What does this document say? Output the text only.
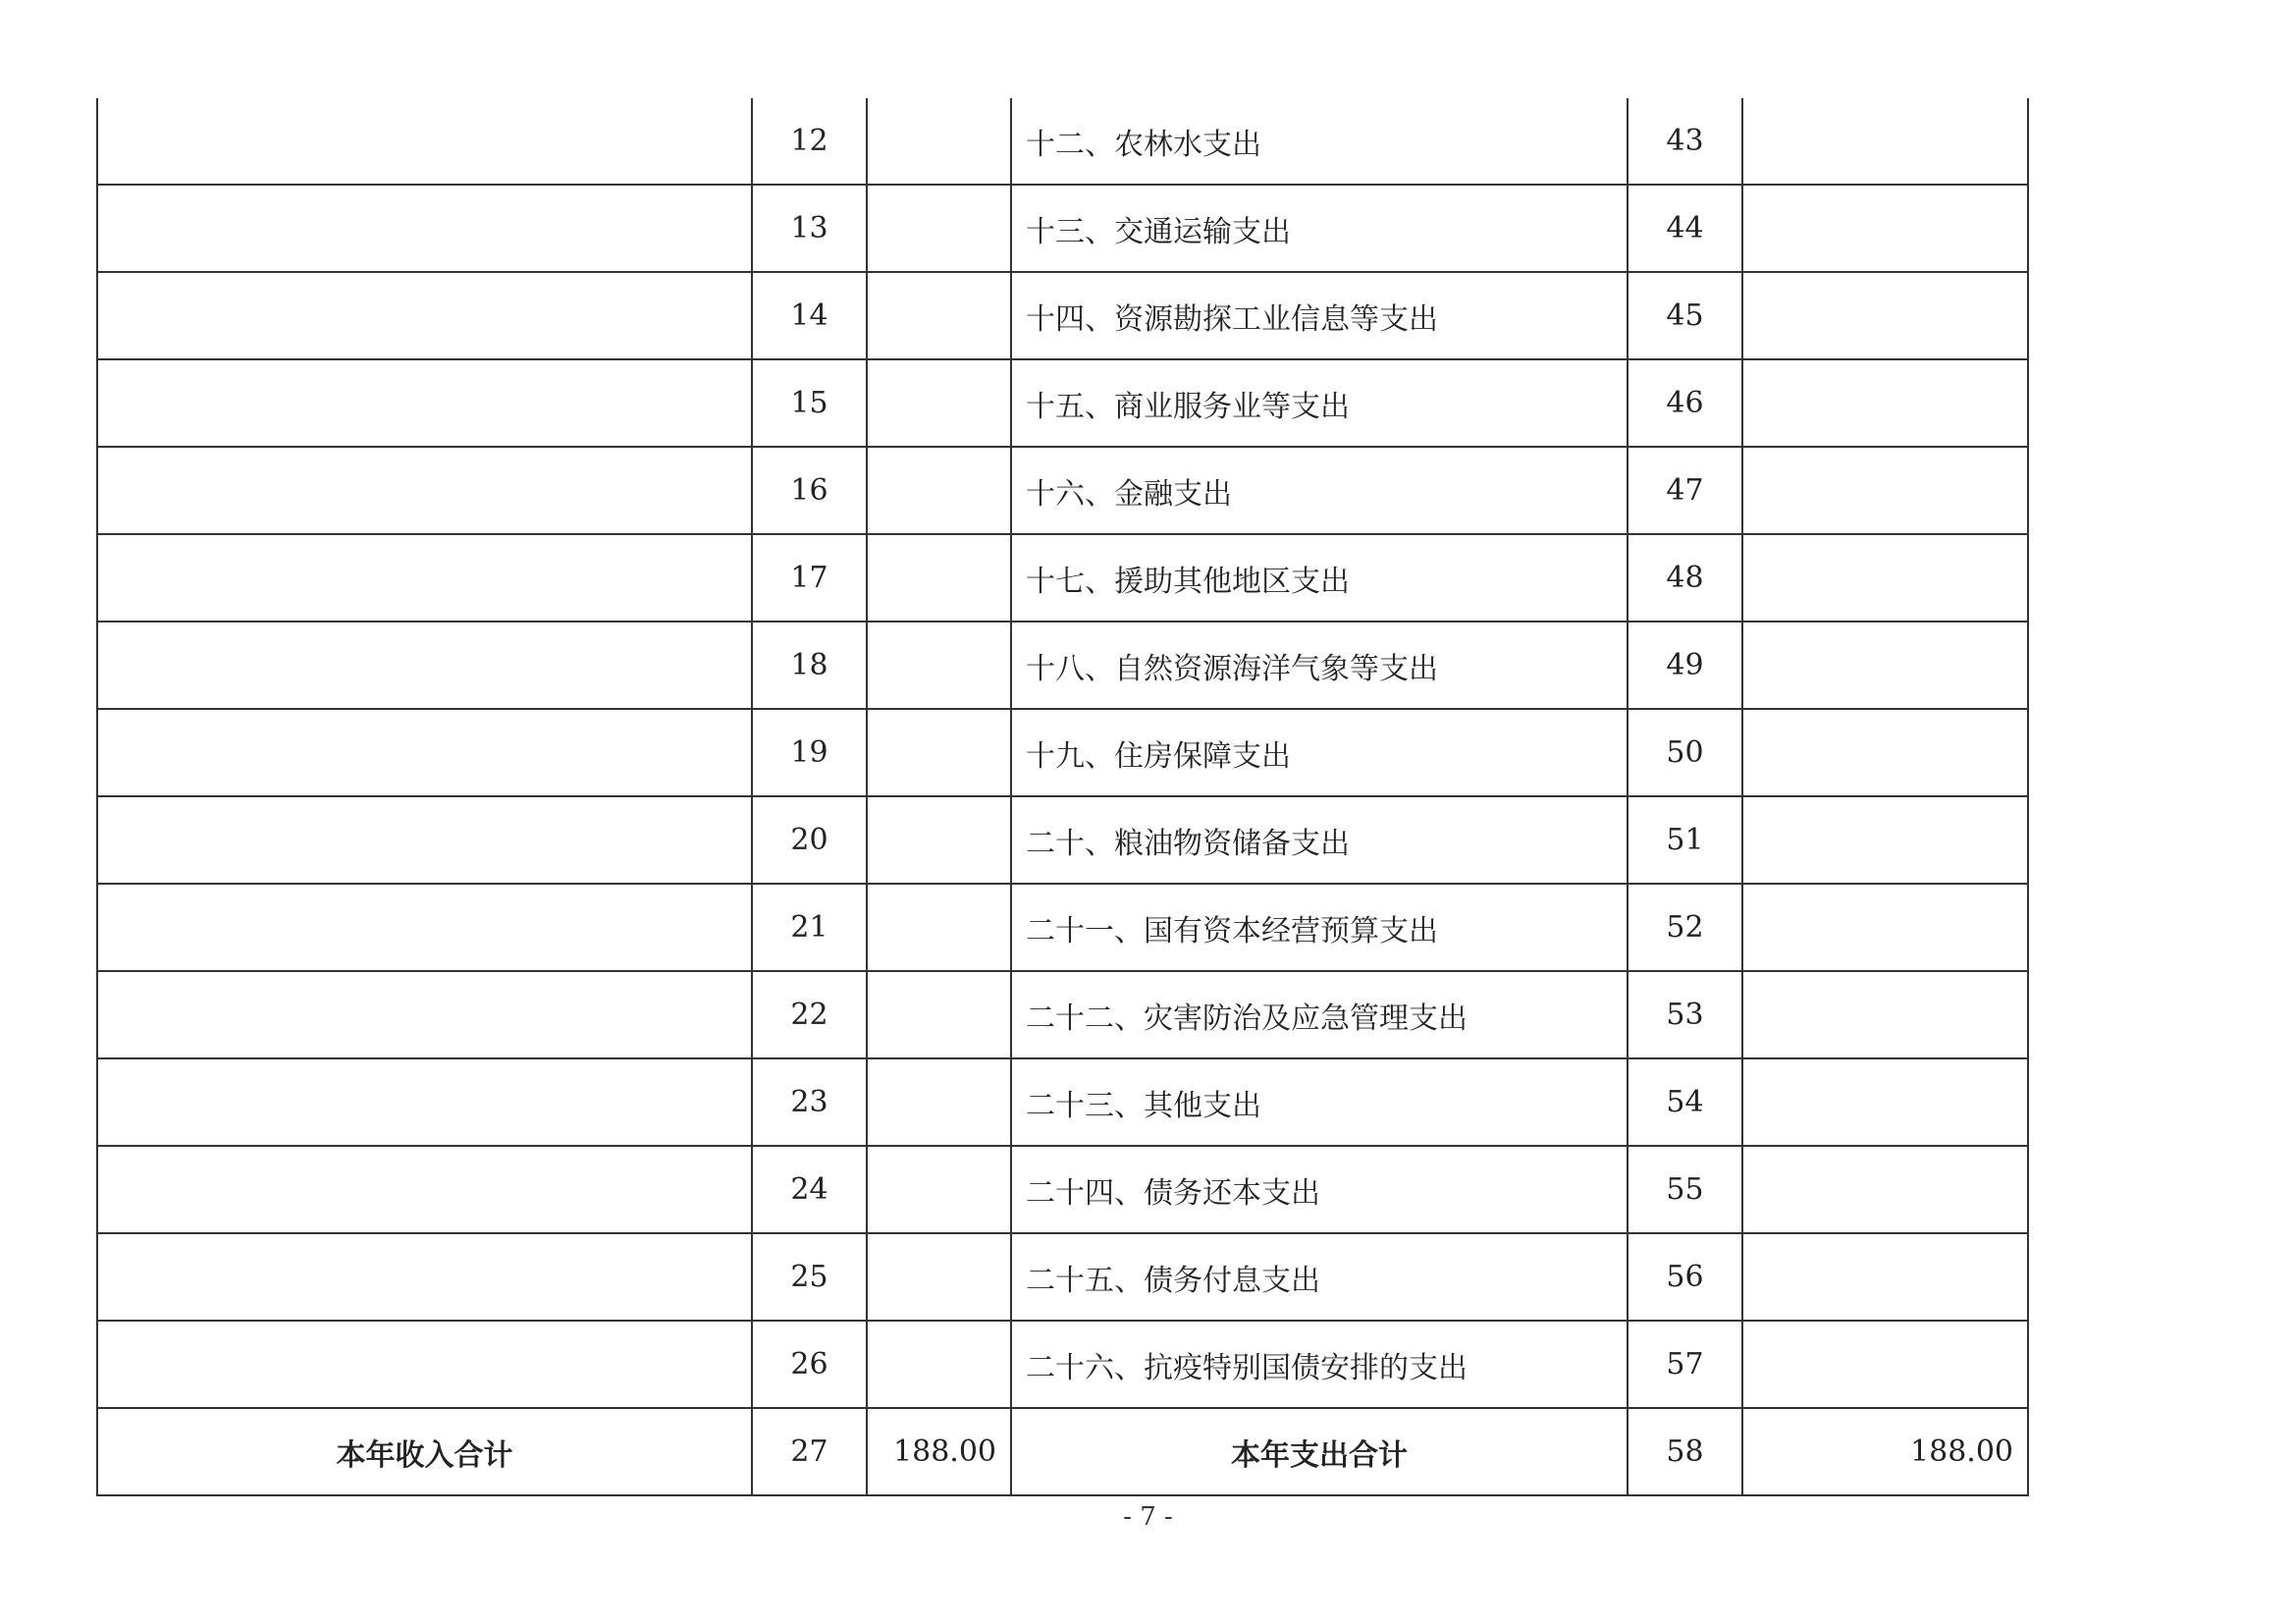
	12		十二、农林水支出	43	
	13		十三、交通运输支出	44	
	14		十四、资源勘探工业信息等支出	45	
	15		十五、商业服务业等支出	46	
	16		十六、金融支出	47	
	17		十七、援助其他地区支出	48	
	18		十八、自然资源海洋气象等支出	49	
	19		十九、住房保障支出	50	
	20		二十、粮油物资储备支出	51	
	21		二十一、国有资本经营预算支出	52	
	22		二十二、灾害防治及应急管理支出	53	
	23		二十三、其他支出	54	
	24		二十四、债务还本支出	55	
	25		二十五、债务付息支出	56	
	26		二十六、抗疫特别国债安排的支出	57	
本年收入合计	27	188.00	本年支出合计	58	188.00
- 7 -
